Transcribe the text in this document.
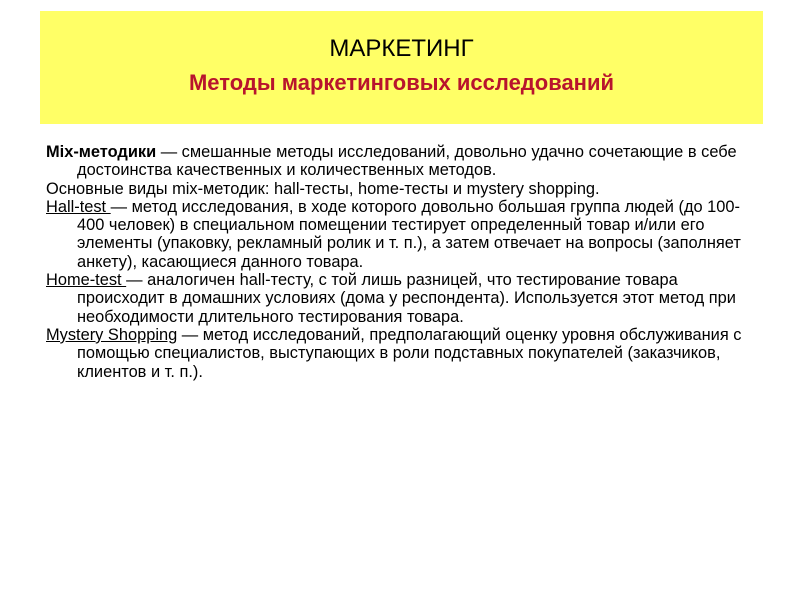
МАРКЕТИНГ
Методы маркетинговых исследований

Mix-методики — смешанные методы исследований, довольно удачно сочетающие в себе достоинства качественных и количественных методов.

Основные виды mix-методик: hall-тесты, home-тесты и mystery shopping.

Hall-test — метод исследования, в ходе которого довольно большая группа людей (до 100-400 человек) в специальном помещении тестирует определенный товар и/или его элементы (упаковку, рекламный ролик и т. п.), а затем отвечает на вопросы (заполняет анкету), касающиеся данного товара.

Home-test — аналогичен hall-тесту, с той лишь разницей, что тестирование товара происходит в домашних условиях (дома у респондента). Используется этот метод при необходимости длительного тестирования товара.

Mystery Shopping — метод исследований, предполагающий оценку уровня обслуживания с помощью специалистов, выступающих в роли подставных покупателей (заказчиков, клиентов и т. п.).
